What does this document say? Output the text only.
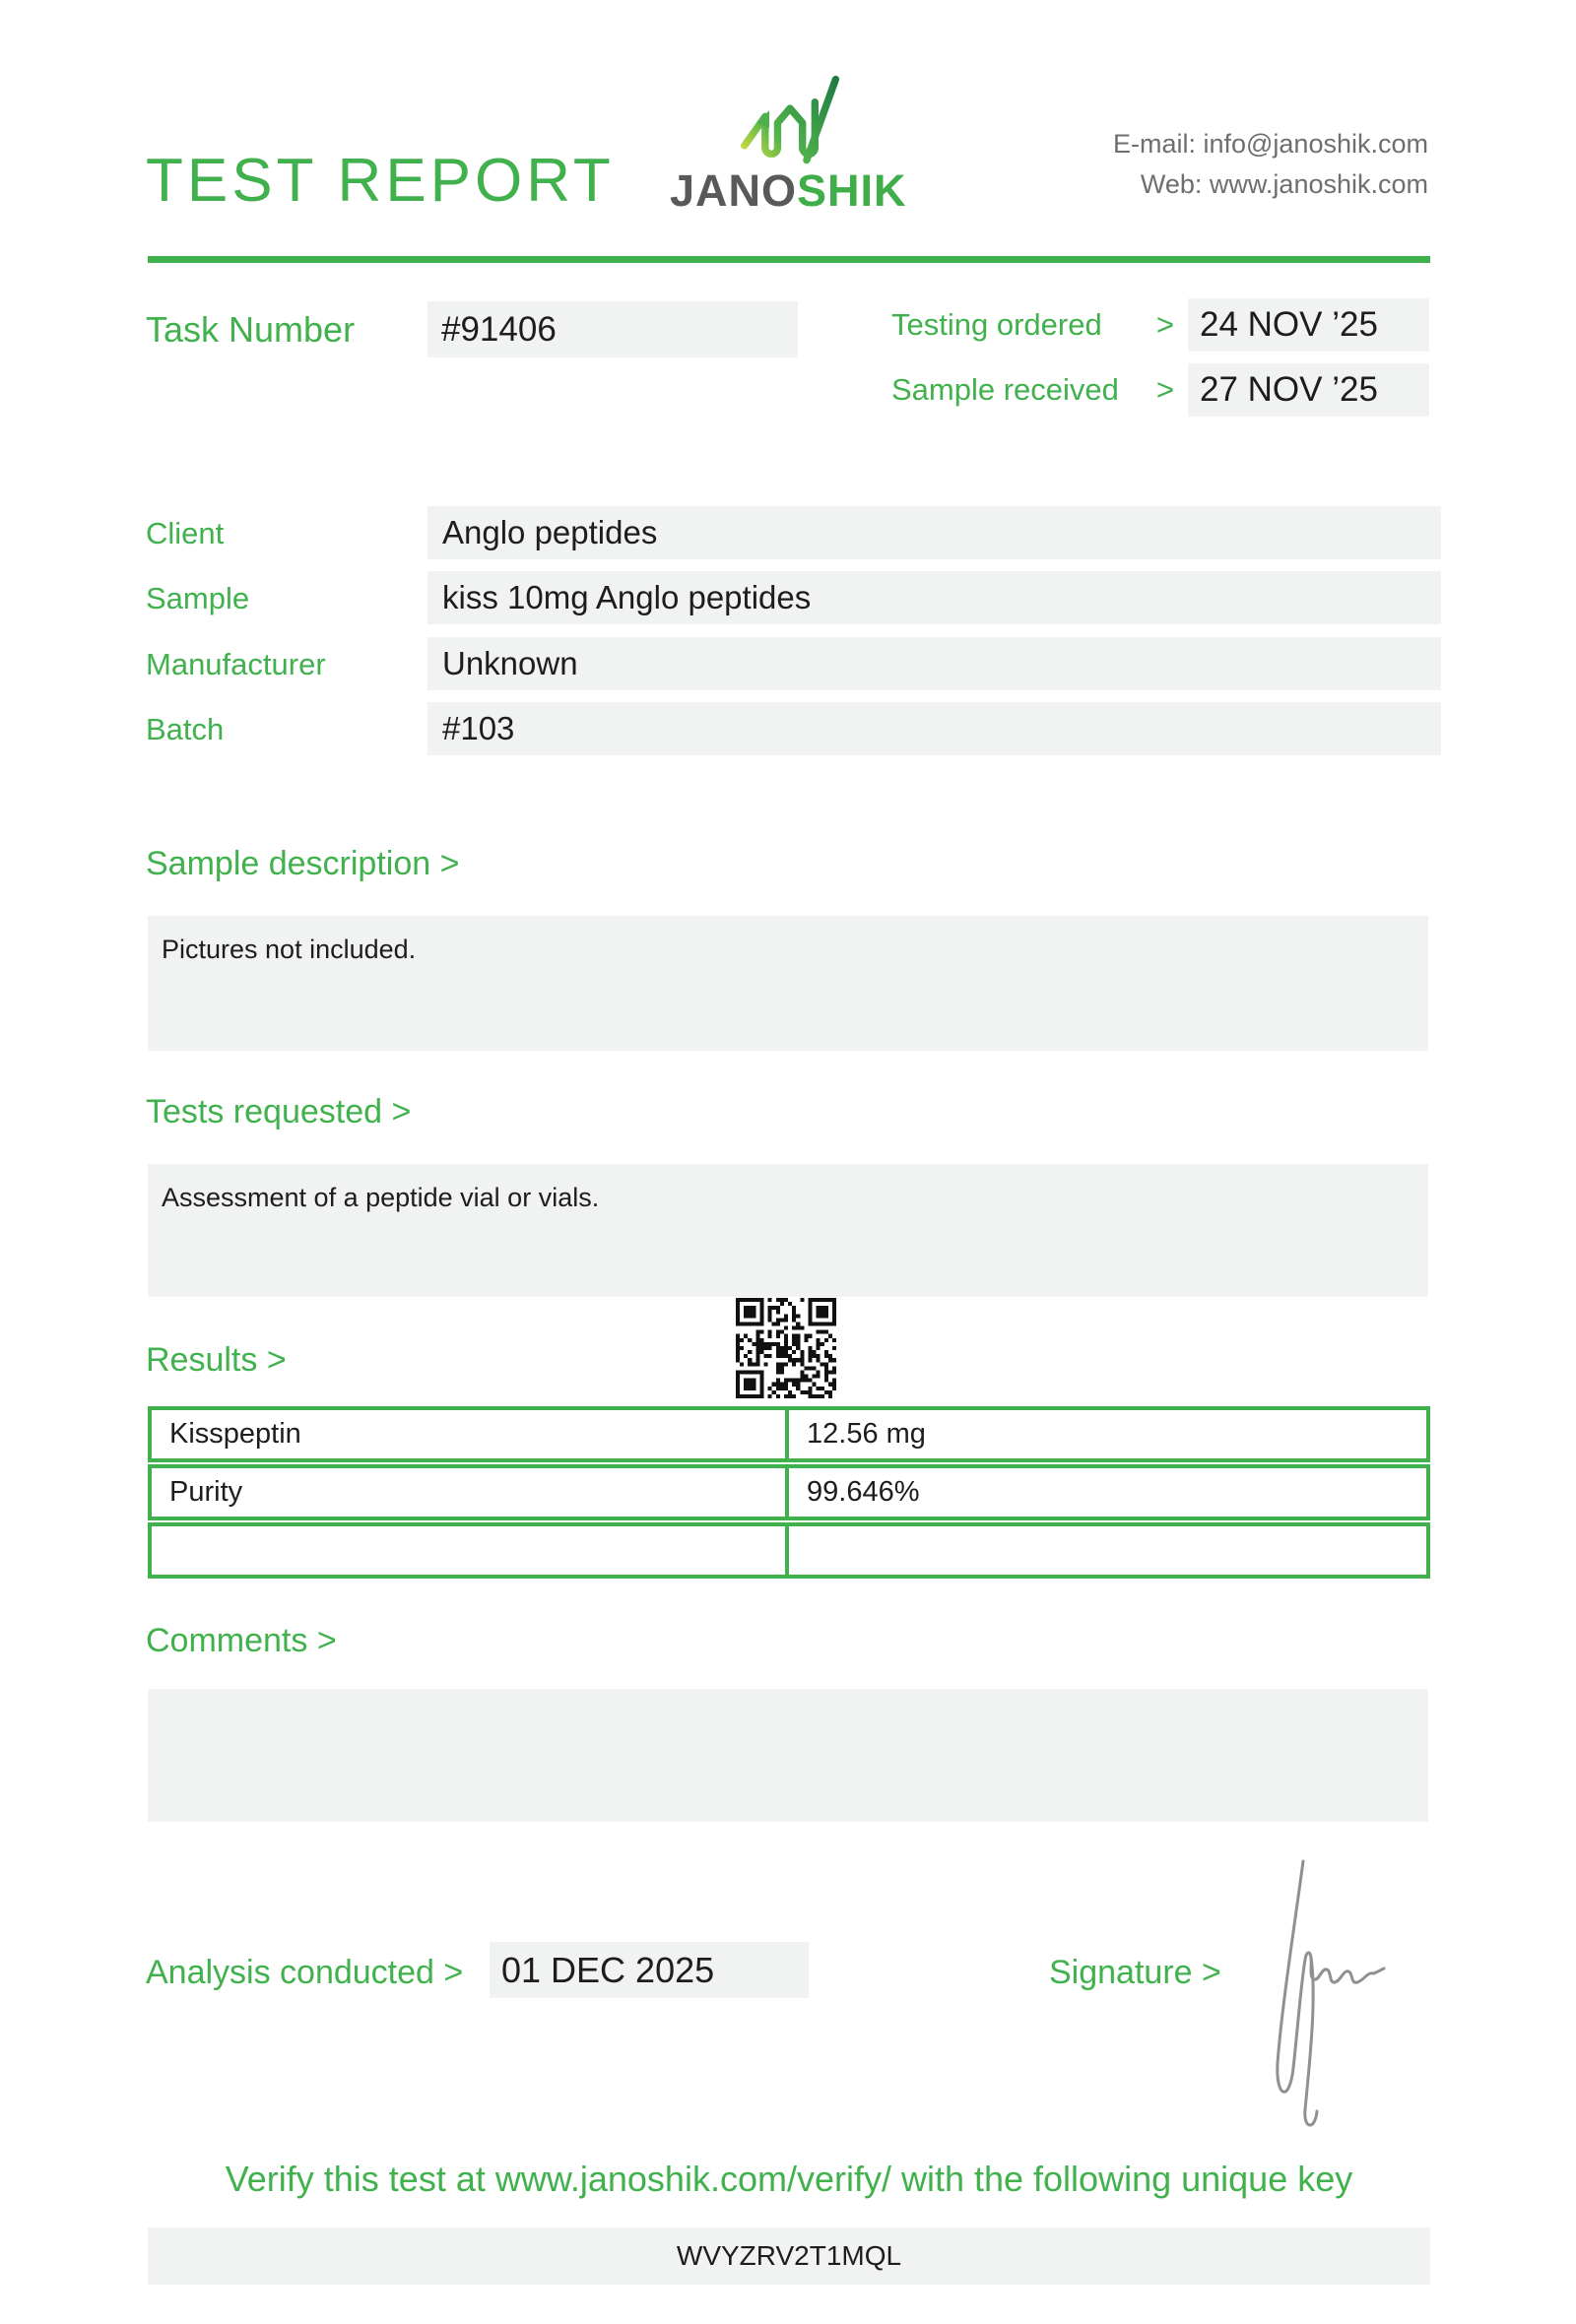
TEST REPORT JANOSHIK
E-mail: info@janoshik.com
Web: www.janoshik.com
Task Number	#91406	Testing ordered	> 24 NOV ’25
Sample received	> 27 NOV ’25
Client	Anglo peptides
Sample	kiss 10mg Anglo peptides
Manufacturer	Unknown
Batch	#103
Sample description >
Pictures not included.
Tests requested >
Assessment of a peptide vial or vials.
Results >
Kisspeptin	12.56 mg
Purity	99.646%
Comments >
Analysis conducted >	01 DEC 2025	Signature >
Verify this test at www.janoshik.com/verify/ with the following unique key
WVYZRV2T1MQL
